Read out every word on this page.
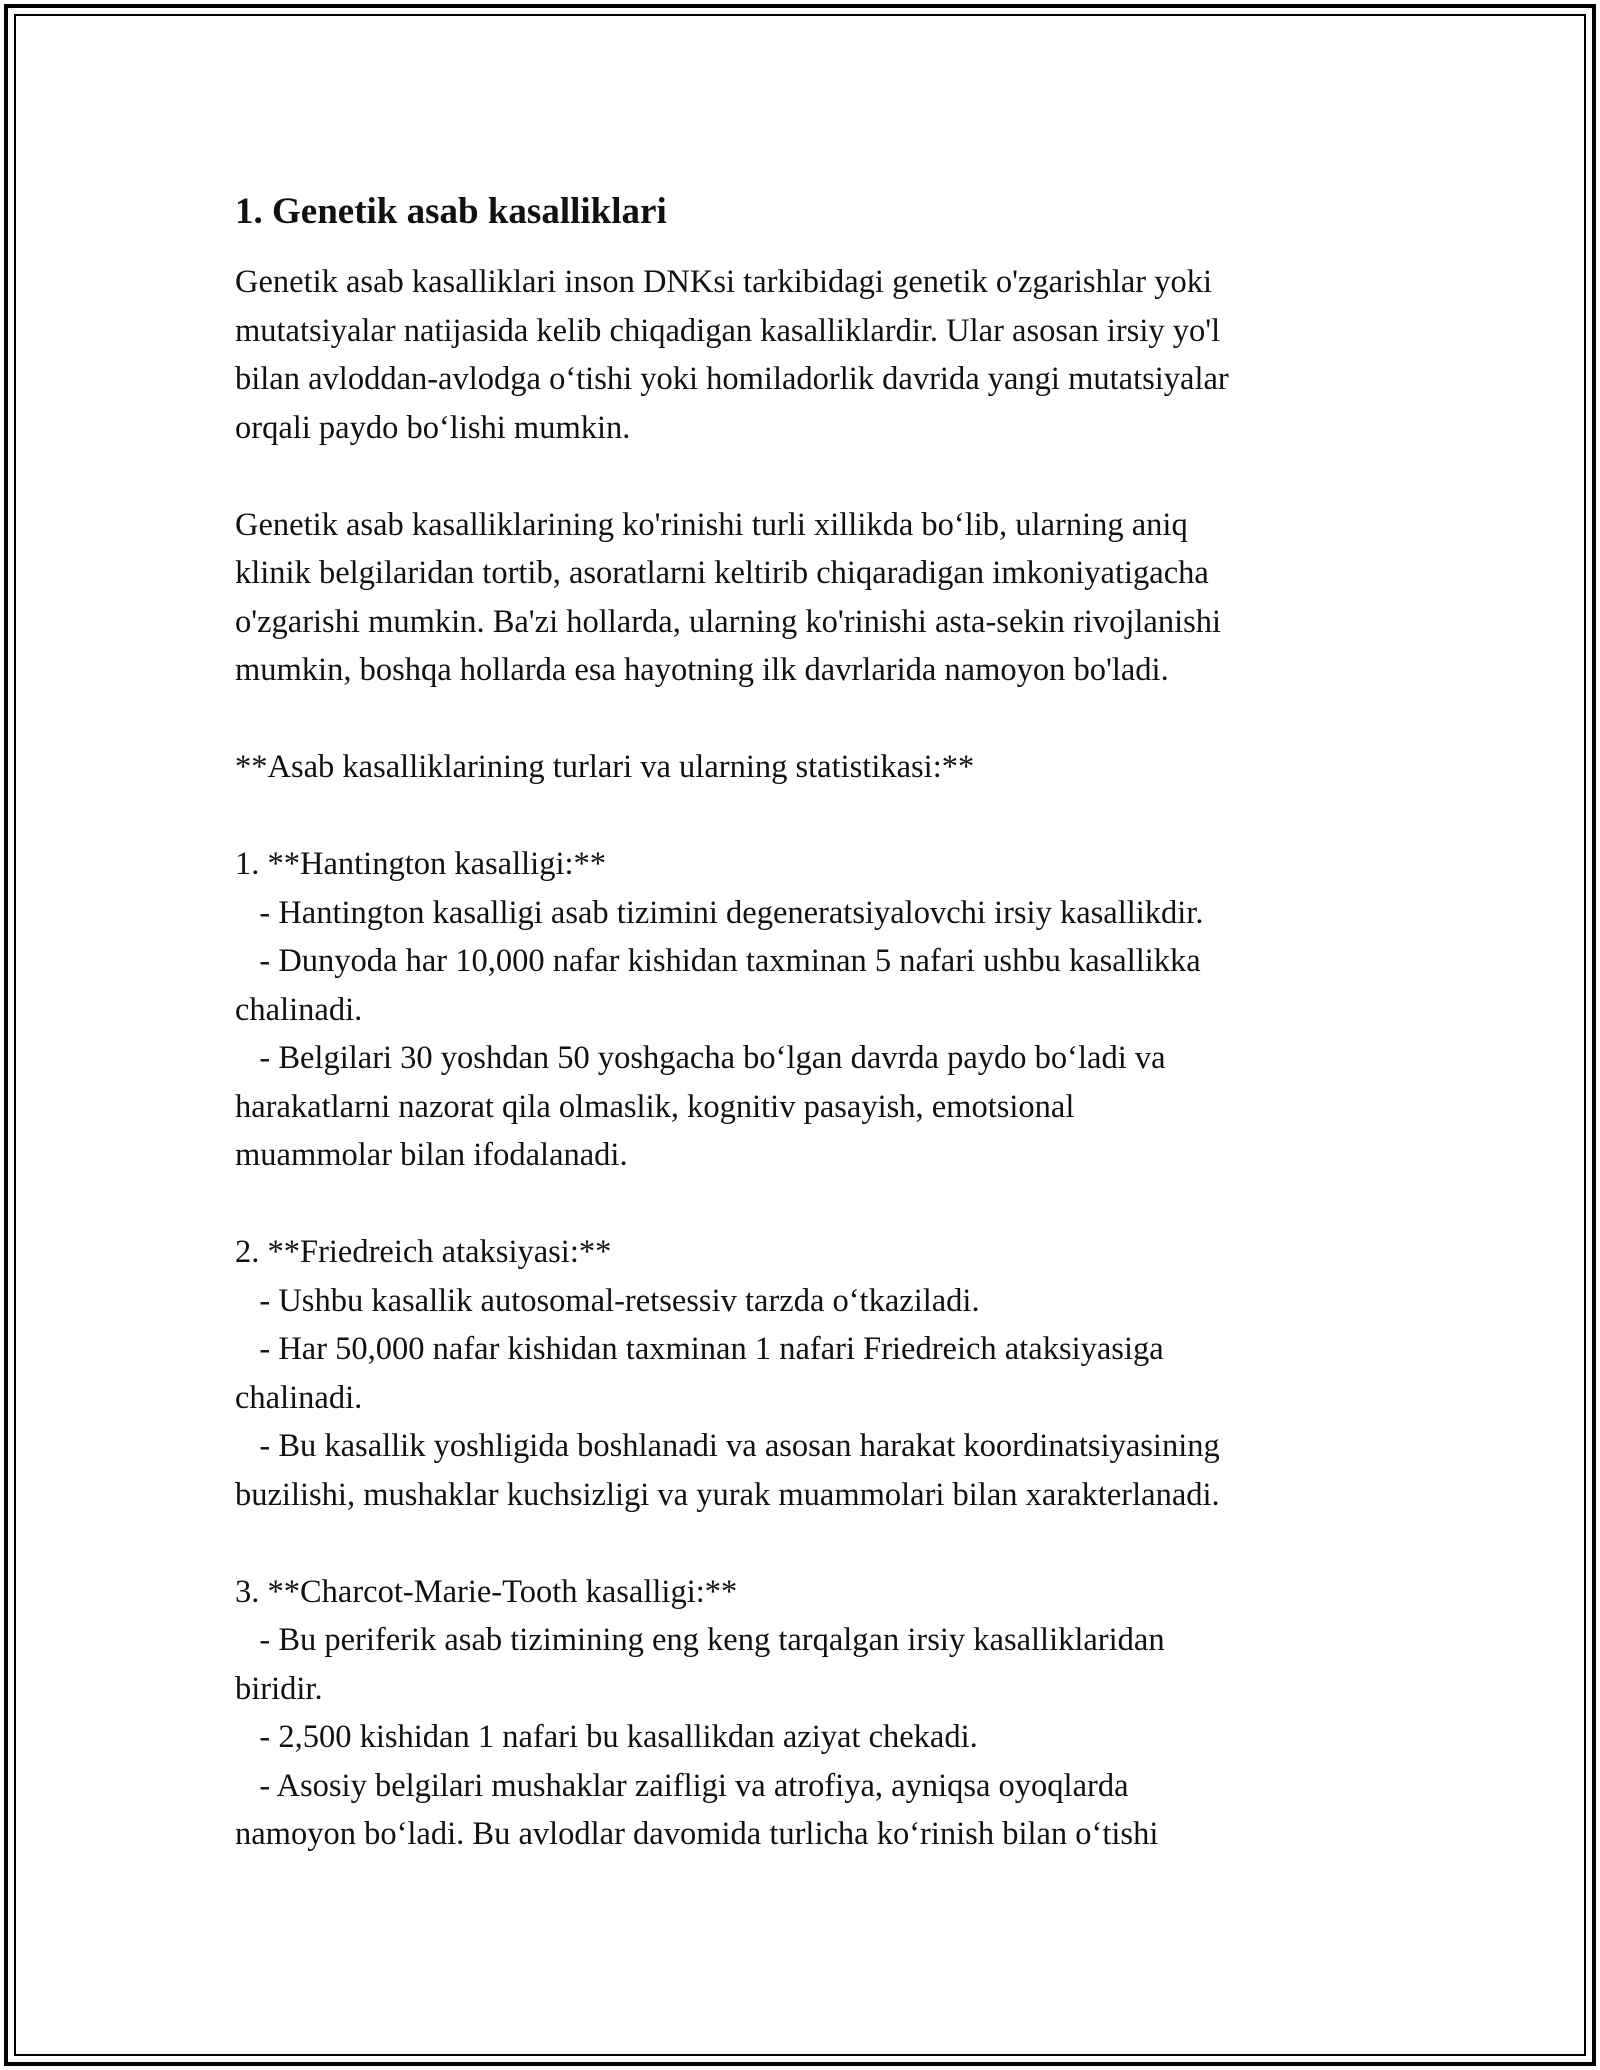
1. Genetik asab kasalliklari
Genetik asab kasalliklari inson DNKsi tarkibidagi genetik o'zgarishlar yoki
mutatsiyalar natijasida kelib chiqadigan kasalliklardir. Ular asosan irsiy yo'l
bilan avloddan-avlodga o‘tishi yoki homiladorlik davrida yangi mutatsiyalar
orqali paydo bo‘lishi mumkin.
Genetik asab kasalliklarining ko'rinishi turli xillikda bo‘lib, ularning aniq
klinik belgilaridan tortib, asoratlarni keltirib chiqaradigan imkoniyatigacha
o'zgarishi mumkin. Ba'zi hollarda, ularning ko'rinishi asta-sekin rivojlanishi
mumkin, boshqa hollarda esa hayotning ilk davrlarida namoyon bo'ladi.
**Asab kasalliklarining turlari va ularning statistikasi:**
1. **Hantington kasalligi:**
- Hantington kasalligi asab tizimini degeneratsiyalovchi irsiy kasallikdir.
- Dunyoda har 10,000 nafar kishidan taxminan 5 nafari ushbu kasallikka
chalinadi.
- Belgilari 30 yoshdan 50 yoshgacha bo‘lgan davrda paydo bo‘ladi va
harakatlarni nazorat qila olmaslik, kognitiv pasayish, emotsional
muammolar bilan ifodalanadi.
2. **Friedreich ataksiyasi:**
- Ushbu kasallik autosomal-retsessiv tarzda o‘tkaziladi.
- Har 50,000 nafar kishidan taxminan 1 nafari Friedreich ataksiyasiga
chalinadi.
- Bu kasallik yoshligida boshlanadi va asosan harakat koordinatsiyasining
buzilishi, mushaklar kuchsizligi va yurak muammolari bilan xarakterlanadi.
3. **Charcot-Marie-Tooth kasalligi:**
- Bu periferik asab tizimining eng keng tarqalgan irsiy kasalliklaridan
biridir.
- 2,500 kishidan 1 nafari bu kasallikdan aziyat chekadi.
- Asosiy belgilari mushaklar zaifligi va atrofiya, ayniqsa oyoqlarda
namoyon bo‘ladi. Bu avlodlar davomida turlicha ko‘rinish bilan o‘tishi
